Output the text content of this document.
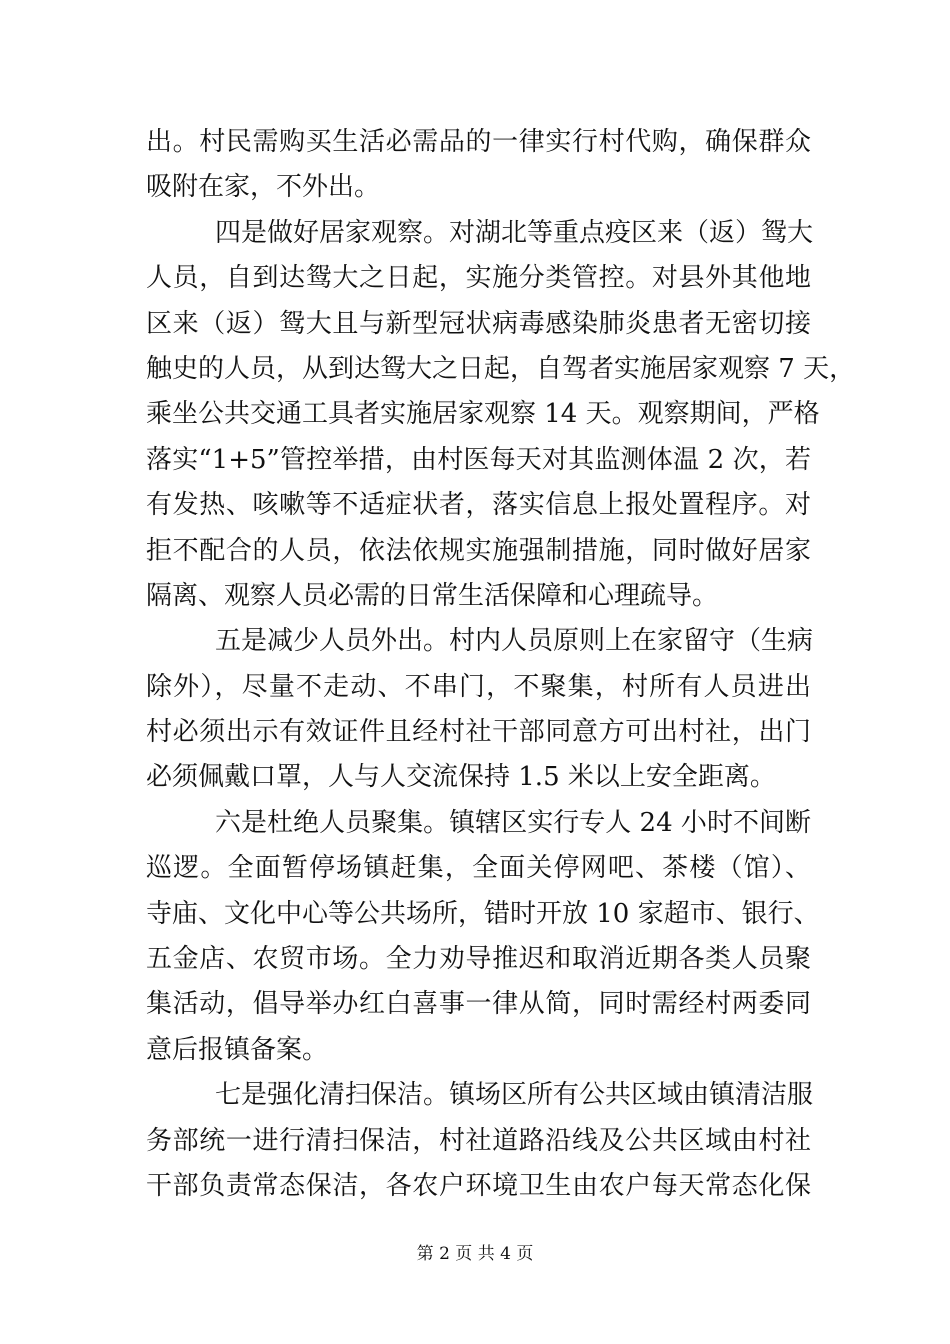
出。村民需购买生活必需品的一律实行村代购，确保群众
吸附在家，不外出。
四是做好居家观察。对湖北等重点疫区来（返）鸳大
人员，自到达鸳大之日起，实施分类管控。对县外其他地
区来（返）鸳大且与新型冠状病毒感染肺炎患者无密切接
触史的人员，从到达鸳大之日起，自驾者实施居家观察 7 天，
乘坐公共交通工具者实施居家观察 14 天。观察期间，严格
落实“1+5”管控举措，由村医每天对其监测体温 2 次，若
有发热、咳嗽等不适症状者，落实信息上报处置程序。对
拒不配合的人员，依法依规实施强制措施，同时做好居家
隔离、观察人员必需的日常生活保障和心理疏导。
五是减少人员外出。村内人员原则上在家留守（生病
除外），尽量不走动、不串门，不聚集，村所有人员进出
村必须出示有效证件且经村社干部同意方可出村社，出门
必须佩戴口罩，人与人交流保持 1.5 米以上安全距离。
六是杜绝人员聚集。镇辖区实行专人 24 小时不间断
巡逻。全面暂停场镇赶集，全面关停网吧、茶楼（馆）、
寺庙、文化中心等公共场所，错时开放 10 家超市、银行、
五金店、农贸市场。全力劝导推迟和取消近期各类人员聚
集活动，倡导举办红白喜事一律从简，同时需经村两委同
意后报镇备案。
七是强化清扫保洁。镇场区所有公共区域由镇清洁服
务部统一进行清扫保洁，村社道路沿线及公共区域由村社
干部负责常态保洁，各农户环境卫生由农户每天常态化保
第 2 页 共 4 页
